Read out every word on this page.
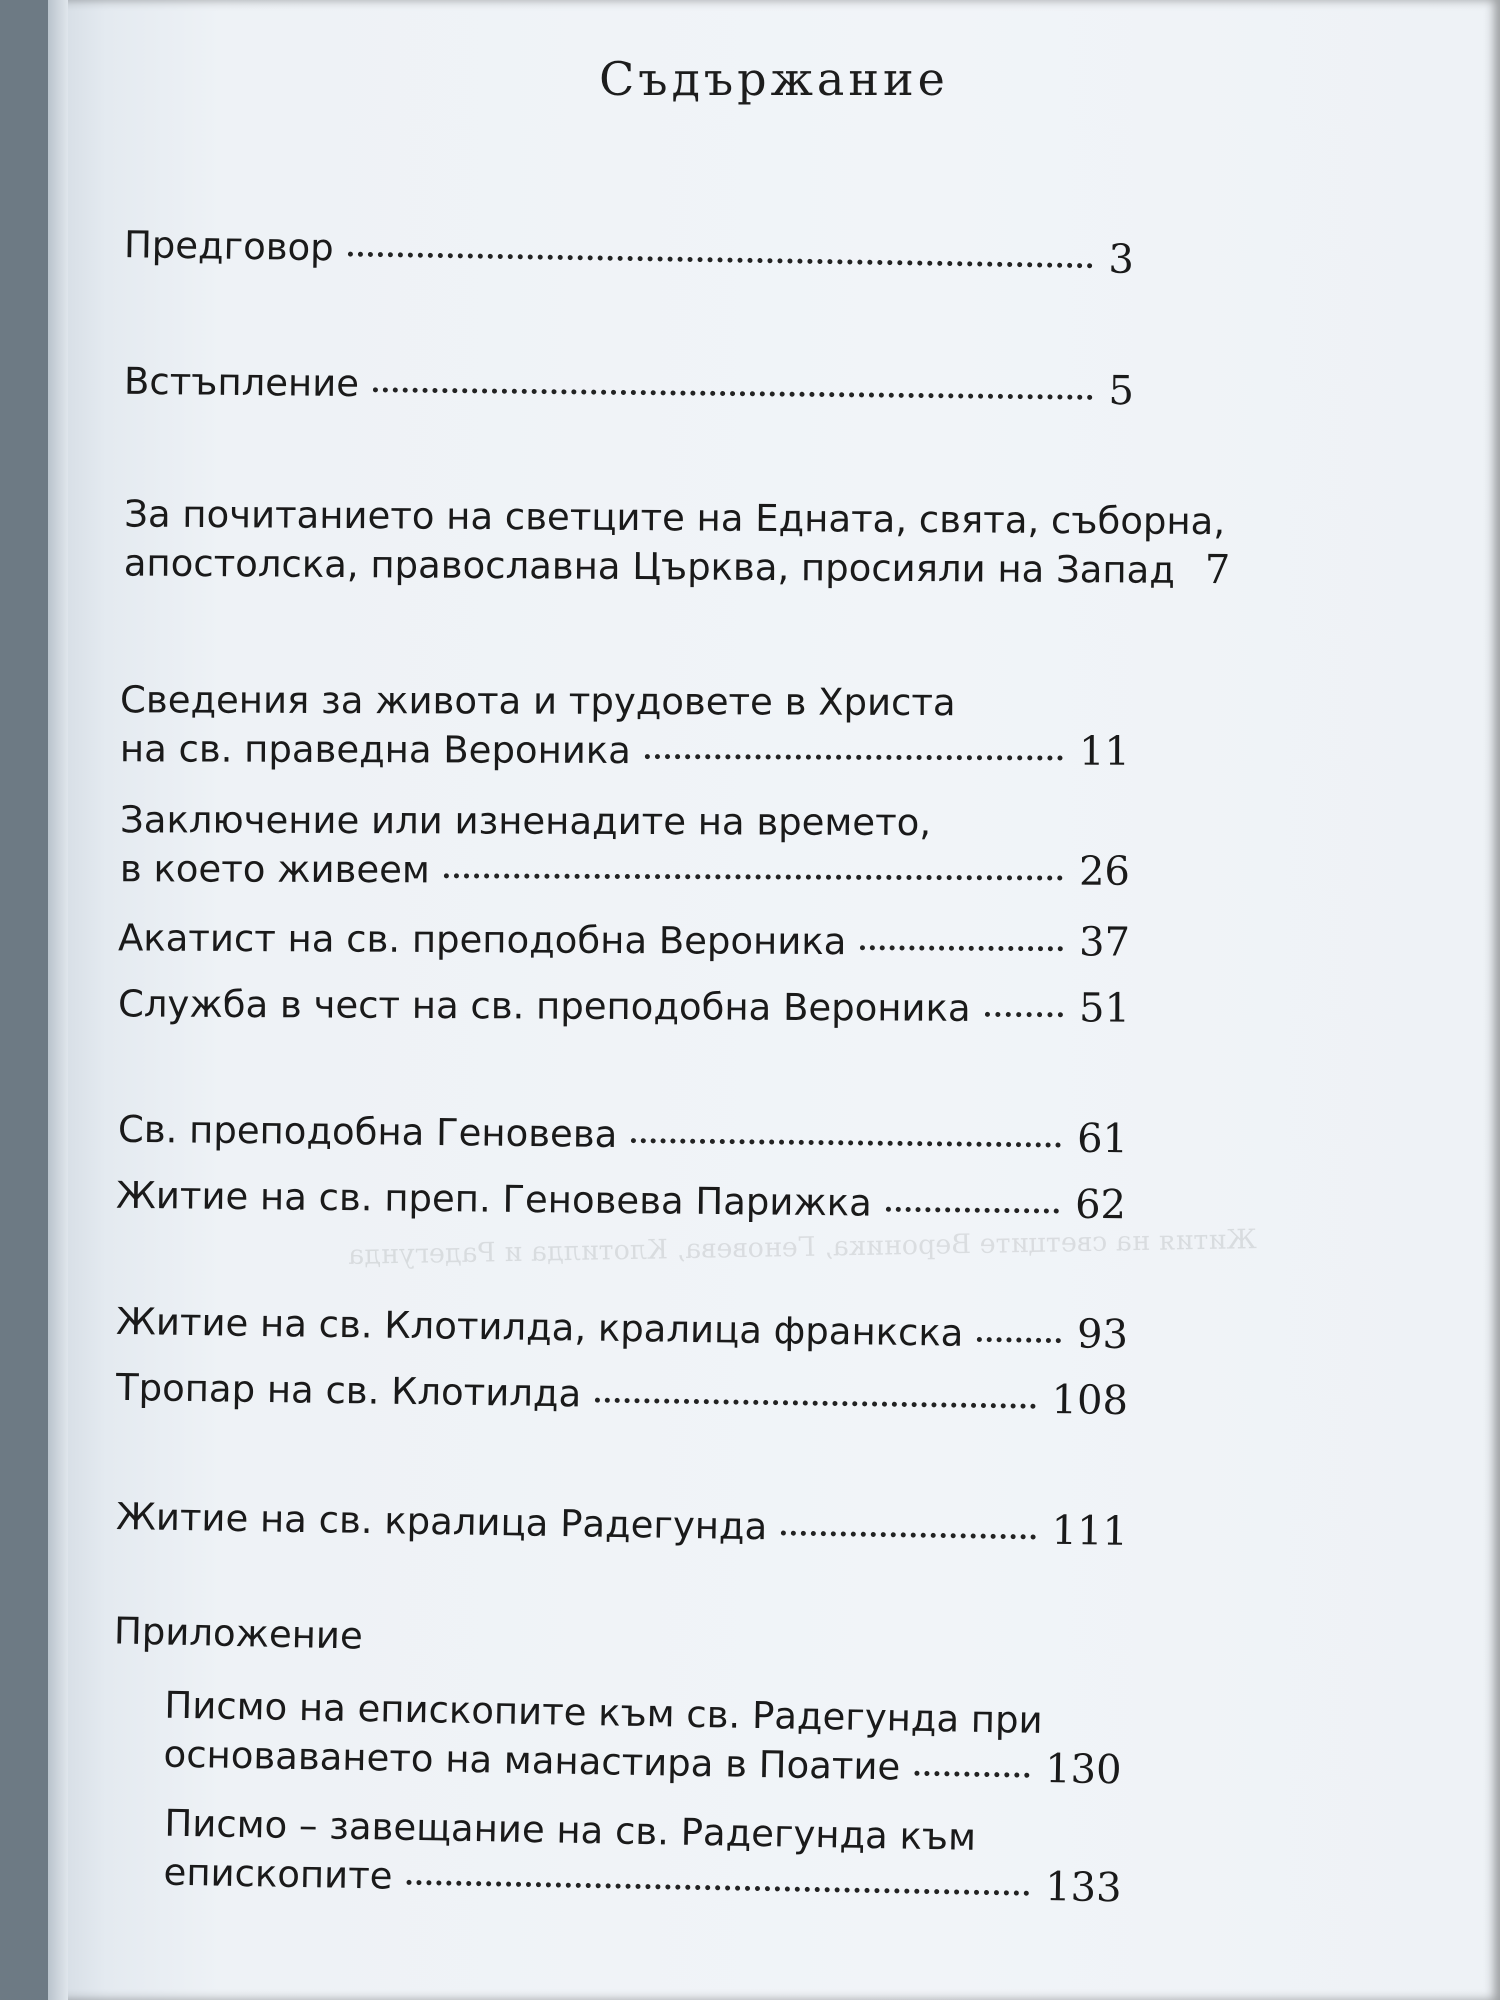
Съдържание
Жития на светците Вероника, Геновева, Клотилда и Радегунда
Предговор	3
Встъпление	5
За почитанието на светците на Едната, свята, съборна,
апостолска, православна Църква, просияли на Запад 7
Сведения за живота и трудовете в Христа
на св. праведна Вероника	11
Заключение или изненадите на времето,
в което живеем	26
Акатист на св. преподобна Вероника	37
Служба в чест на св. преподобна Вероника	51
Св. преподобна Геновева	61
Житие на св. преп. Геновева Парижка	62
Житие на св. Клотилда, кралица франкска	93
Тропар на св. Клотилда	108
Житие на св. кралица Радегунда	111
Приложение
Писмо на епископите към св. Радегунда при
основаването на манастира в Поатие	130
Писмо – завещание на св. Радегунда към
епископите	133
